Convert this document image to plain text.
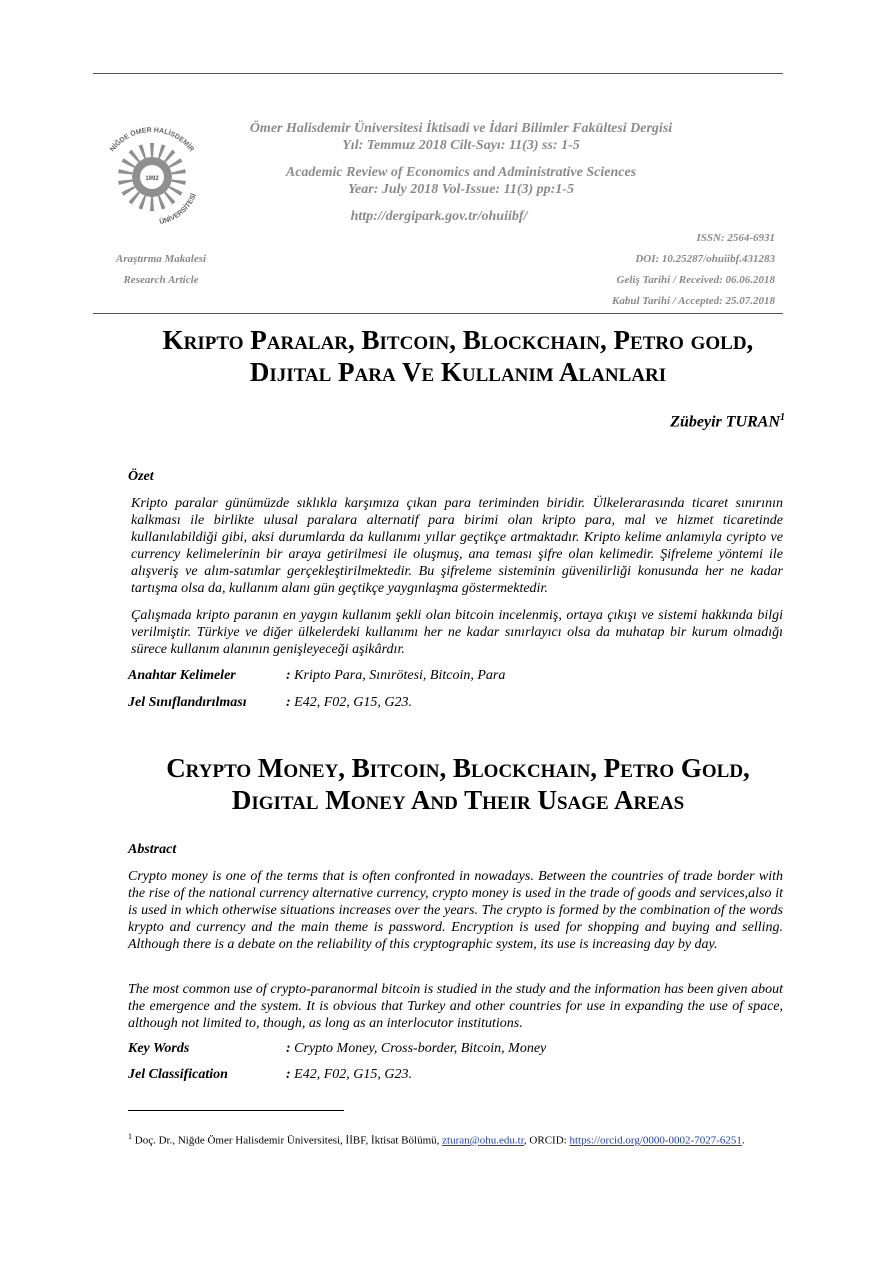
1992
NİĞDE ÖMER HALİSDEMİR
ÜNİVERSİTESİ
Ömer Halisdemir Üniversitesi İktisadi ve İdari Bilimler Fakültesi Dergisi
Yıl: Temmuz 2018 Cilt-Sayı: 11(3) ss: 1-5
Academic Review of Economics and Administrative Sciences
Year: July 2018 Vol-Issue: 11(3) pp:1-5
http://dergipark.gov.tr/ohuiibf/
ISSN: 2564-6931
DOI: 10.25287/ohuiibf.431283
Geliş Tarihi / Received: 06.06.2018
Kabul Tarihi / Accepted: 25.07.2018
Araştırma Makalesi
Research Article
Kripto Paralar, Bitcoin, Blockchain, Petro gold,
Dijital Para Ve Kullanım Alanları
Zübeyir TURAN$^1$
Özet
Kripto paralar günümüzde sıklıkla karşımıza çıkan para teriminden biridir. Ülkelerarasında ticaret sınırının kalkması ile birlikte ulusal paralara alternatif para birimi olan kripto para, mal ve hizmet ticaretinde kullanılabildiği gibi, aksi durumlarda da kullanımı yıllar geçtikçe artmaktadır. Kripto kelime anlamıyla cyripto ve currency kelimelerinin bir araya getirilmesi ile oluşmuş, ana teması şifre olan kelimedir. Şifreleme yöntemi ile alışveriş ve alım-satımlar gerçekleştirilmektedir. Bu şifreleme sisteminin güvenilirliği konusunda her ne kadar tartışma olsa da, kullanım alanı gün geçtikçe yaygınlaşma göstermektedir.
Çalışmada kripto paranın en yaygın kullanım şekli olan bitcoin incelenmiş, ortaya çıkışı ve sistemi hakkında bilgi verilmiştir. Türkiye ve diğer ülkelerdeki kullanımı her ne kadar sınırlayıcı olsa da muhatap bir kurum olmadığı sürece kullanım alanının genişleyeceği aşikârdır.
Anahtar Kelimeler	: Kripto Para, Sınırötesi, Bitcoin, Para
Jel Sınıflandırılması	: E42, F02, G15, G23.
Crypto Money, Bitcoin, Blockchain, Petro Gold,
Digital Money And Their Usage Areas
Abstract
Crypto money is one of the terms that is often confronted in nowadays. Between the countries of trade border with the rise of the national currency alternative currency, crypto money is used in the trade of goods and services,also it is used in which otherwise situations increases over the years. The crypto is formed by the combination of the words krypto and currency and the main theme is password. Encryption is used for shopping and buying and selling. Although there is a debate on the reliability of this cryptographic system, its use is increasing day by day.
The most common use of crypto-paranormal bitcoin is studied in the study and the information has been given about the emergence and the system. It is obvious that Turkey and other countries for use in expanding the use of space, although not limited to, though, as long as an interlocutor institutions.
Key Words	: Crypto Money, Cross-border, Bitcoin, Money
Jel Classification	: E42, F02, G15, G23.
$^1$ Doç. Dr., Niğde Ömer Halisdemir Üniversitesi, İİBF, İktisat Bölümü, zturan@ohu.edu.tr, ORCID: https://orcid.org/0000-0002-7027-6251.
